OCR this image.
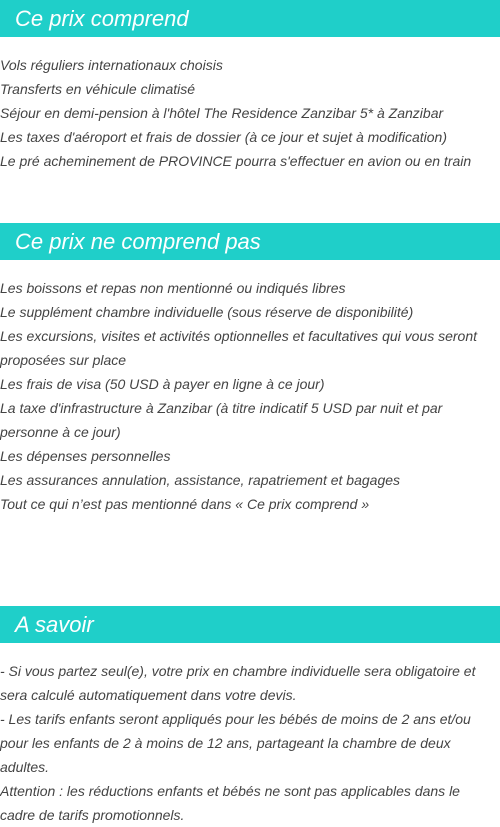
Ce prix comprend
Vols réguliers internationaux choisis
Transferts en véhicule climatisé
Séjour en demi-pension à l'hôtel The Residence Zanzibar 5* à Zanzibar
Les taxes d'aéroport et frais de dossier (à ce jour et sujet à modification)
Le pré acheminement de PROVINCE pourra s'effectuer en avion ou en train
Ce prix ne comprend pas
Les boissons et repas non mentionné ou indiqués libres
Le supplément chambre individuelle (sous réserve de disponibilité)
Les excursions, visites et activités optionnelles et facultatives qui vous seront proposées sur place
Les frais de visa (50 USD à payer en ligne à ce jour)
La taxe d'infrastructure à Zanzibar (à titre indicatif 5 USD par nuit et par personne à ce jour)
Les dépenses personnelles
Les assurances annulation, assistance, rapatriement et bagages
Tout ce qui n’est pas mentionné dans « Ce prix comprend »
A savoir
- Si vous partez seul(e), votre prix en chambre individuelle sera obligatoire et sera calculé automatiquement dans votre devis.
- Les tarifs enfants seront appliqués pour les bébés de moins de 2 ans et/ou pour les enfants de 2 à moins de 12 ans, partageant la chambre de deux adultes.
Attention : les réductions enfants et bébés ne sont pas applicables dans le cadre de tarifs promotionnels.
